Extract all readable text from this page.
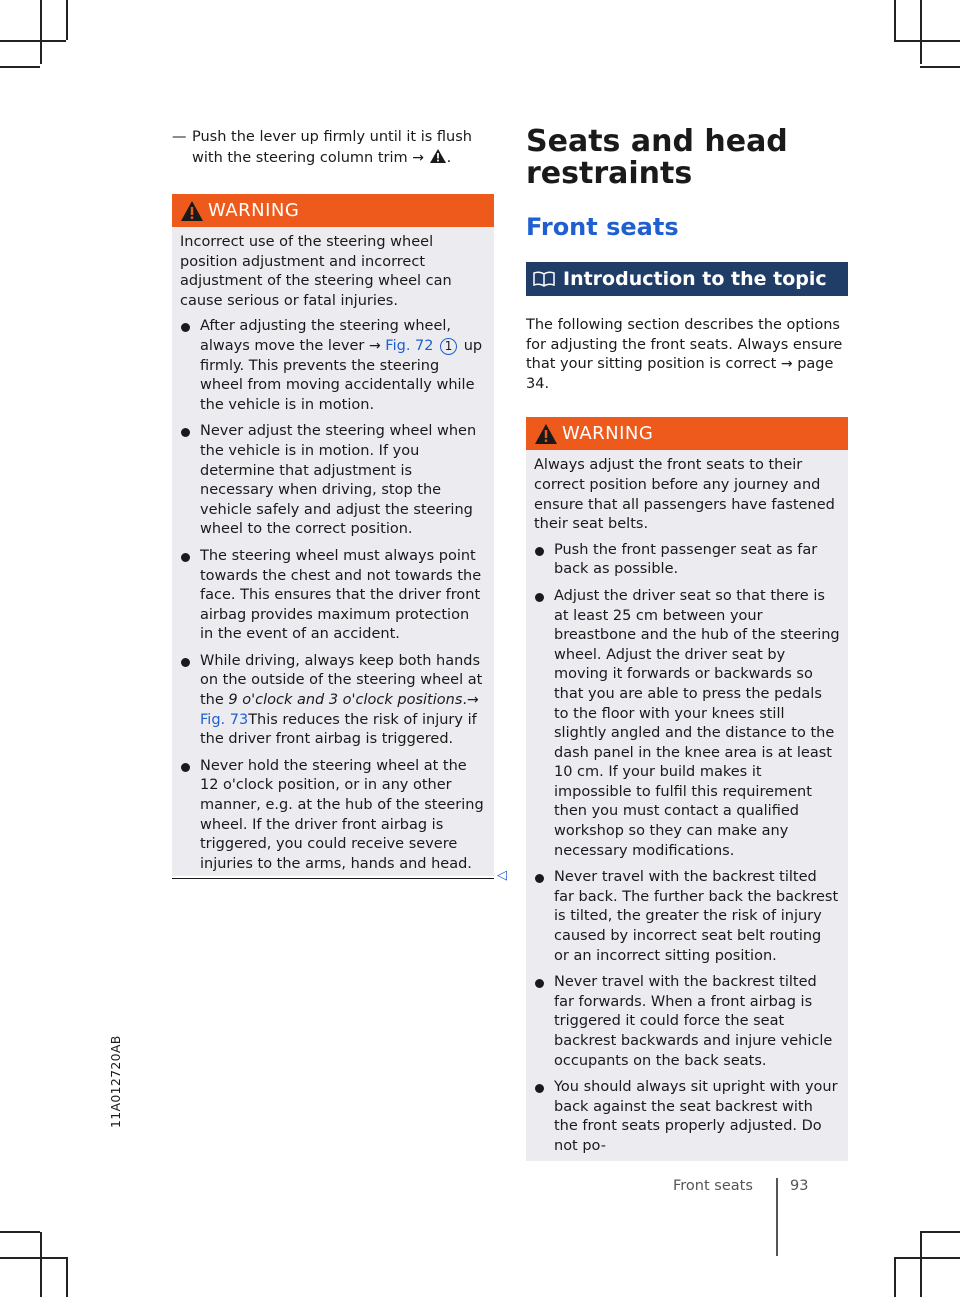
— Push the lever up firmly until it is flush with the steering column trim → .
WARNING

Incorrect use of the steering wheel position adjustment and incorrect adjustment of the steering wheel can cause serious or fatal injuries.

After adjusting the steering wheel, always move the lever → Fig. 72 1 up firmly. This prevents the steering wheel from moving accidentally while the vehicle is in motion.
Never adjust the steering wheel when the vehicle is in motion. If you determine that adjustment is necessary when driving, stop the vehicle safely and adjust the steering wheel to the correct position.
The steering wheel must always point towards the chest and not towards the face. This ensures that the driver front airbag provides maximum protection in the event of an accident.
While driving, always keep both hands on the outside of the steering wheel at the 9 o'clock and 3 o'clock positions.→ Fig. 73This reduces the risk of injury if the driver front airbag is triggered.
Never hold the steering wheel at the 12 o'clock position, or in any other manner, e.g. at the hub of the steering wheel. If the driver front airbag is triggered, you could receive severe injuries to the arms, hands and head.
◁
Seats and head restraints
Front seats
Introduction to the topic

The following section describes the options for adjusting the front seats. Always ensure that your sitting position is correct → page 34.

WARNING

Always adjust the front seats to their correct position before any journey and ensure that all passengers have fastened their seat belts.

Push the front passenger seat as far back as possible.
Adjust the driver seat so that there is at least 25 cm between your breastbone and the hub of the steering wheel. Adjust the driver seat by moving it forwards or backwards so that you are able to press the pedals to the floor with your knees still slightly angled and the distance to the dash panel in the knee area is at least 10 cm. If your build makes it impossible to fulfil this requirement then you must contact a qualified workshop so they can make any necessary modifications.
Never travel with the backrest tilted far back. The further back the backrest is tilted, the greater the risk of injury caused by incorrect seat belt routing or an incorrect sitting position.
Never travel with the backrest tilted far forwards. When a front airbag is triggered it could force the seat backrest backwards and injure vehicle occupants on the back seats.
You should always sit upright with your back against the seat backrest with the front seats properly adjusted. Do not po-
11A012720AB
Front seats	93
